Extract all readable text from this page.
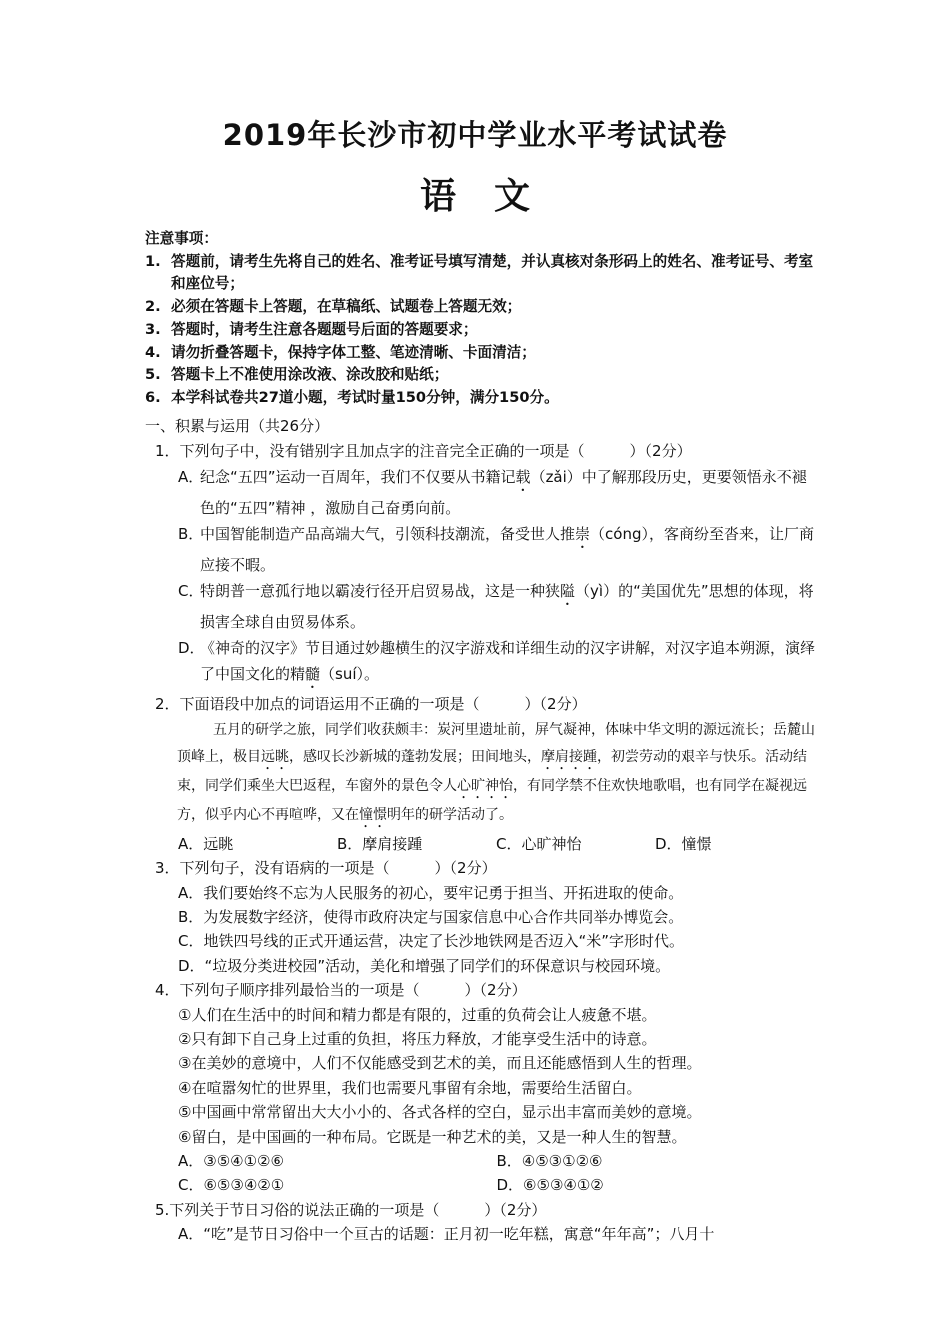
2019年长沙市初中学业水平考试试卷
语文
注意事项：
1. 答题前，请考生先将自己的姓名、准考证号填写清楚，并认真核对条形码上的姓名、准考证号、考室和座位号；
2. 必须在答题卡上答题，在草稿纸、试题卷上答题无效；
3. 答题时，请考生注意各题题号后面的答题要求；
4. 请勿折叠答题卡，保持字体工整、笔迹清晰、卡面清洁；
5. 答题卡上不准使用涂改液、涂改胶和贴纸；
6. 本学科试卷共27道小题，考试时量150分钟，满分150分。
一、积累与运用（共26分）
1．下列句子中，没有错别字且加点字的注音完全正确的一项是（　　　）（2分）
A．
纪念“五四”运动一百周年，我们不仅要从书籍记载（zǎi）中了解那段历史，更要领悟永不褪色的“五四”精神 ，激励自己奋勇向前。
B．
中国智能制造产品高端大气，引领科技潮流，备受世人推崇（cóng），客商纷至沓来，让厂商应接不暇。
C．
特朗普一意孤行地以霸凌行径开启贸易战，这是一种狭隘（yì）的“美国优先”思想的体现，将损害全球自由贸易体系。
D．
《神奇的汉字》节目通过妙趣横生的汉字游戏和详细生动的汉字讲解，对汉字追本朔源，演绎了中国文化的精髓（suí）。
2．下面语段中加点的词语运用不正确的一项是（　　　）（2分）
五月的研学之旅，同学们收获颇丰：炭河里遗址前，屏气凝神，体味中华文明的源远流长；岳麓山顶峰上，极目远眺，感叹长沙新城的蓬勃发展；田间地头，摩肩接踵，初尝劳动的艰辛与快乐。活动结束，同学们乘坐大巴返程，车窗外的景色令人心旷神怡，有同学禁不住欢快地歌唱，也有同学在凝视远方，似乎内心不再喧哗，又在憧憬明年的研学活动了。
A．远眺	B．摩肩接踵	C．心旷神怡	D．憧憬
3．下列句子，没有语病的一项是（　　　）（2分）
A．我们要始终不忘为人民服务的初心，要牢记勇于担当、开拓进取的使命。
B．为发展数字经济，使得市政府决定与国家信息中心合作共同举办博览会。
C．地铁四号线的正式开通运营，决定了长沙地铁网是否迈入“米”字形时代。
D．“垃圾分类进校园”活动，美化和增强了同学们的环保意识与校园环境。
4．下列句子顺序排列最恰当的一项是（　　　）（2分）
①人们在生活中的时间和精力都是有限的，过重的负荷会让人疲惫不堪。
②只有卸下自己身上过重的负担，将压力释放，才能享受生活中的诗意。
③在美妙的意境中，人们不仅能感受到艺术的美，而且还能感悟到人生的哲理。
④在喧嚣匆忙的世界里，我们也需要凡事留有余地，需要给生活留白。
⑤中国画中常常留出大大小小的、各式各样的空白，显示出丰富而美妙的意境。
⑥留白，是中国画的一种布局。它既是一种艺术的美，又是一种人生的智慧。
A．③⑤④①②⑥	B．④⑤③①②⑥
C．⑥⑤③④②①	D．⑥⑤③④①②
5.下列关于节日习俗的说法正确的一项是（　　　）（2分）
A．“吃”是节日习俗中一个亘古的话题：正月初一吃年糕，寓意“年年高”；八月十
